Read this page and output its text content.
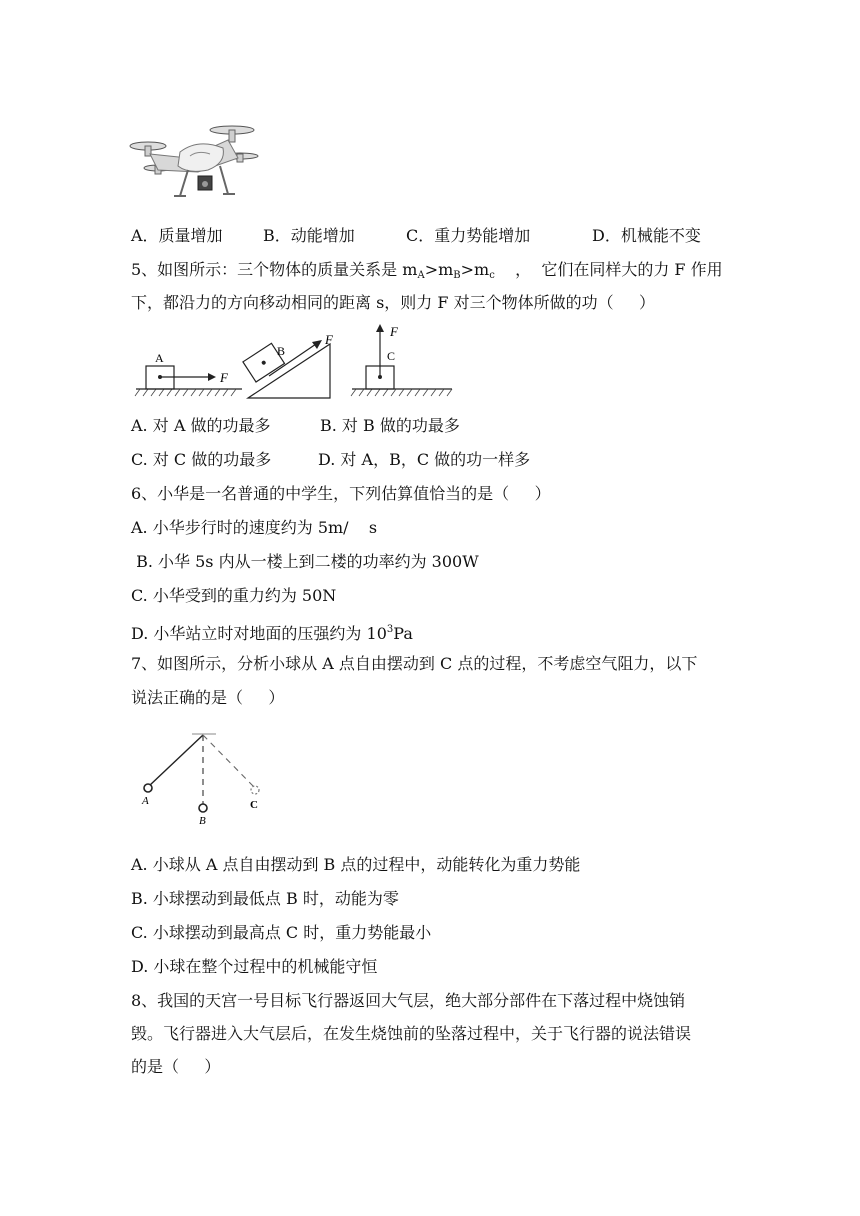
A．质量增加	B．动能增加	C．重力势能增加	D．机械能不变
5、如图所示：三个物体的质量关系是 $m_A>m_B>m_c$    ，  它们在同样大的力 F 作用
下，都沿力的方向移动相同的距离 s，则力 F 对三个物体所做的功（     ）
A
F
B
F
C
F
A. 对 A 做的功最多	B. 对 B 做的功最多
C. 对 C 做的功最多	D. 对 A，B，C 做的功一样多
6、小华是一名普通的中学生，下列估算值恰当的是（     ）
A. 小华步行时的速度约为 5m/    s
B. 小华 5s 内从一楼上到二楼的功率约为 300W
C. 小华受到的重力约为 50N
D. 小华站立时对地面的压强约为 $10^3Pa$
7、如图所示，分析小球从 A 点自由摆动到 C 点的过程，不考虑空气阻力，以下
说法正确的是（     ）
A
B
C
A. 小球从 A 点自由摆动到 B 点的过程中，动能转化为重力势能
B. 小球摆动到最低点 B 时，动能为零
C. 小球摆动到最高点 C 时，重力势能最小
D. 小球在整个过程中的机械能守恒
8、我国的天宫一号目标飞行器返回大气层，绝大部分部件在下落过程中烧蚀销
毁。飞行器进入大气层后，在发生烧蚀前的坠落过程中，关于飞行器的说法错误
的是（     ）
